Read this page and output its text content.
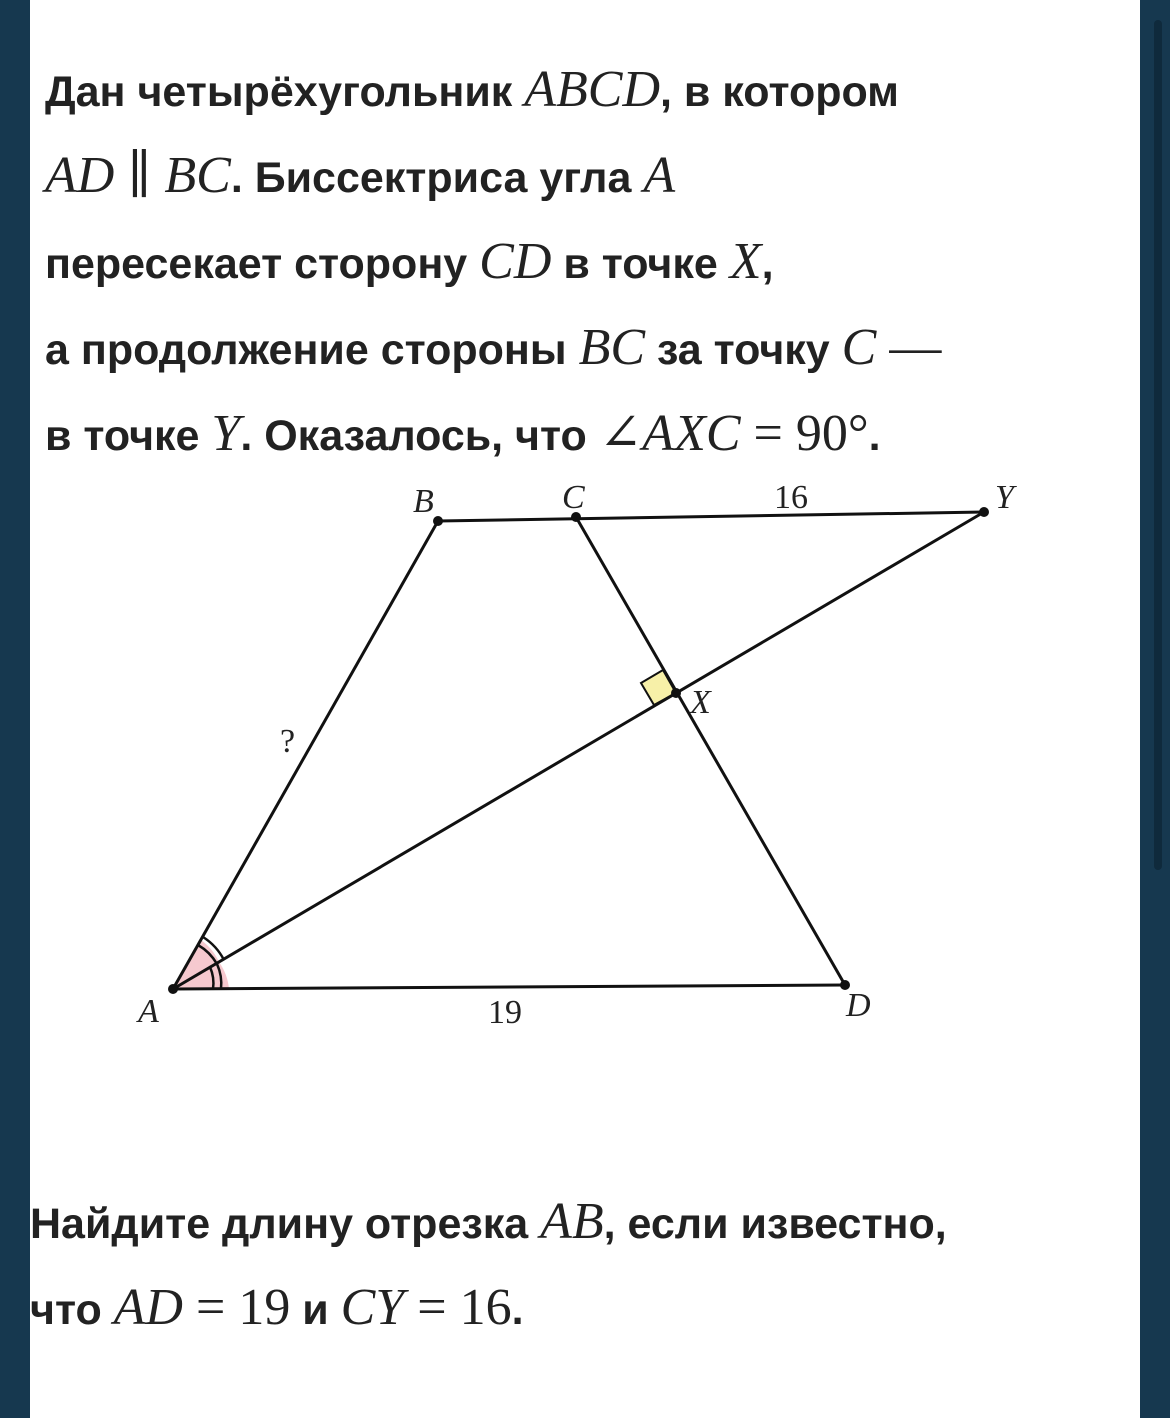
Дан четырёхугольник ABCD, в котором
AD ∥ BC. Биссектриса угла A
пересекает сторону CD в точке X,
а продолжение стороны BC за точку C —
в точке Y. Оказалось, что ∠AXC = 90°.
A
B	C
D
X
Y
?
19
16
Найдите длину отрезка AB, если известно,
что AD = 19 и CY = 16.
